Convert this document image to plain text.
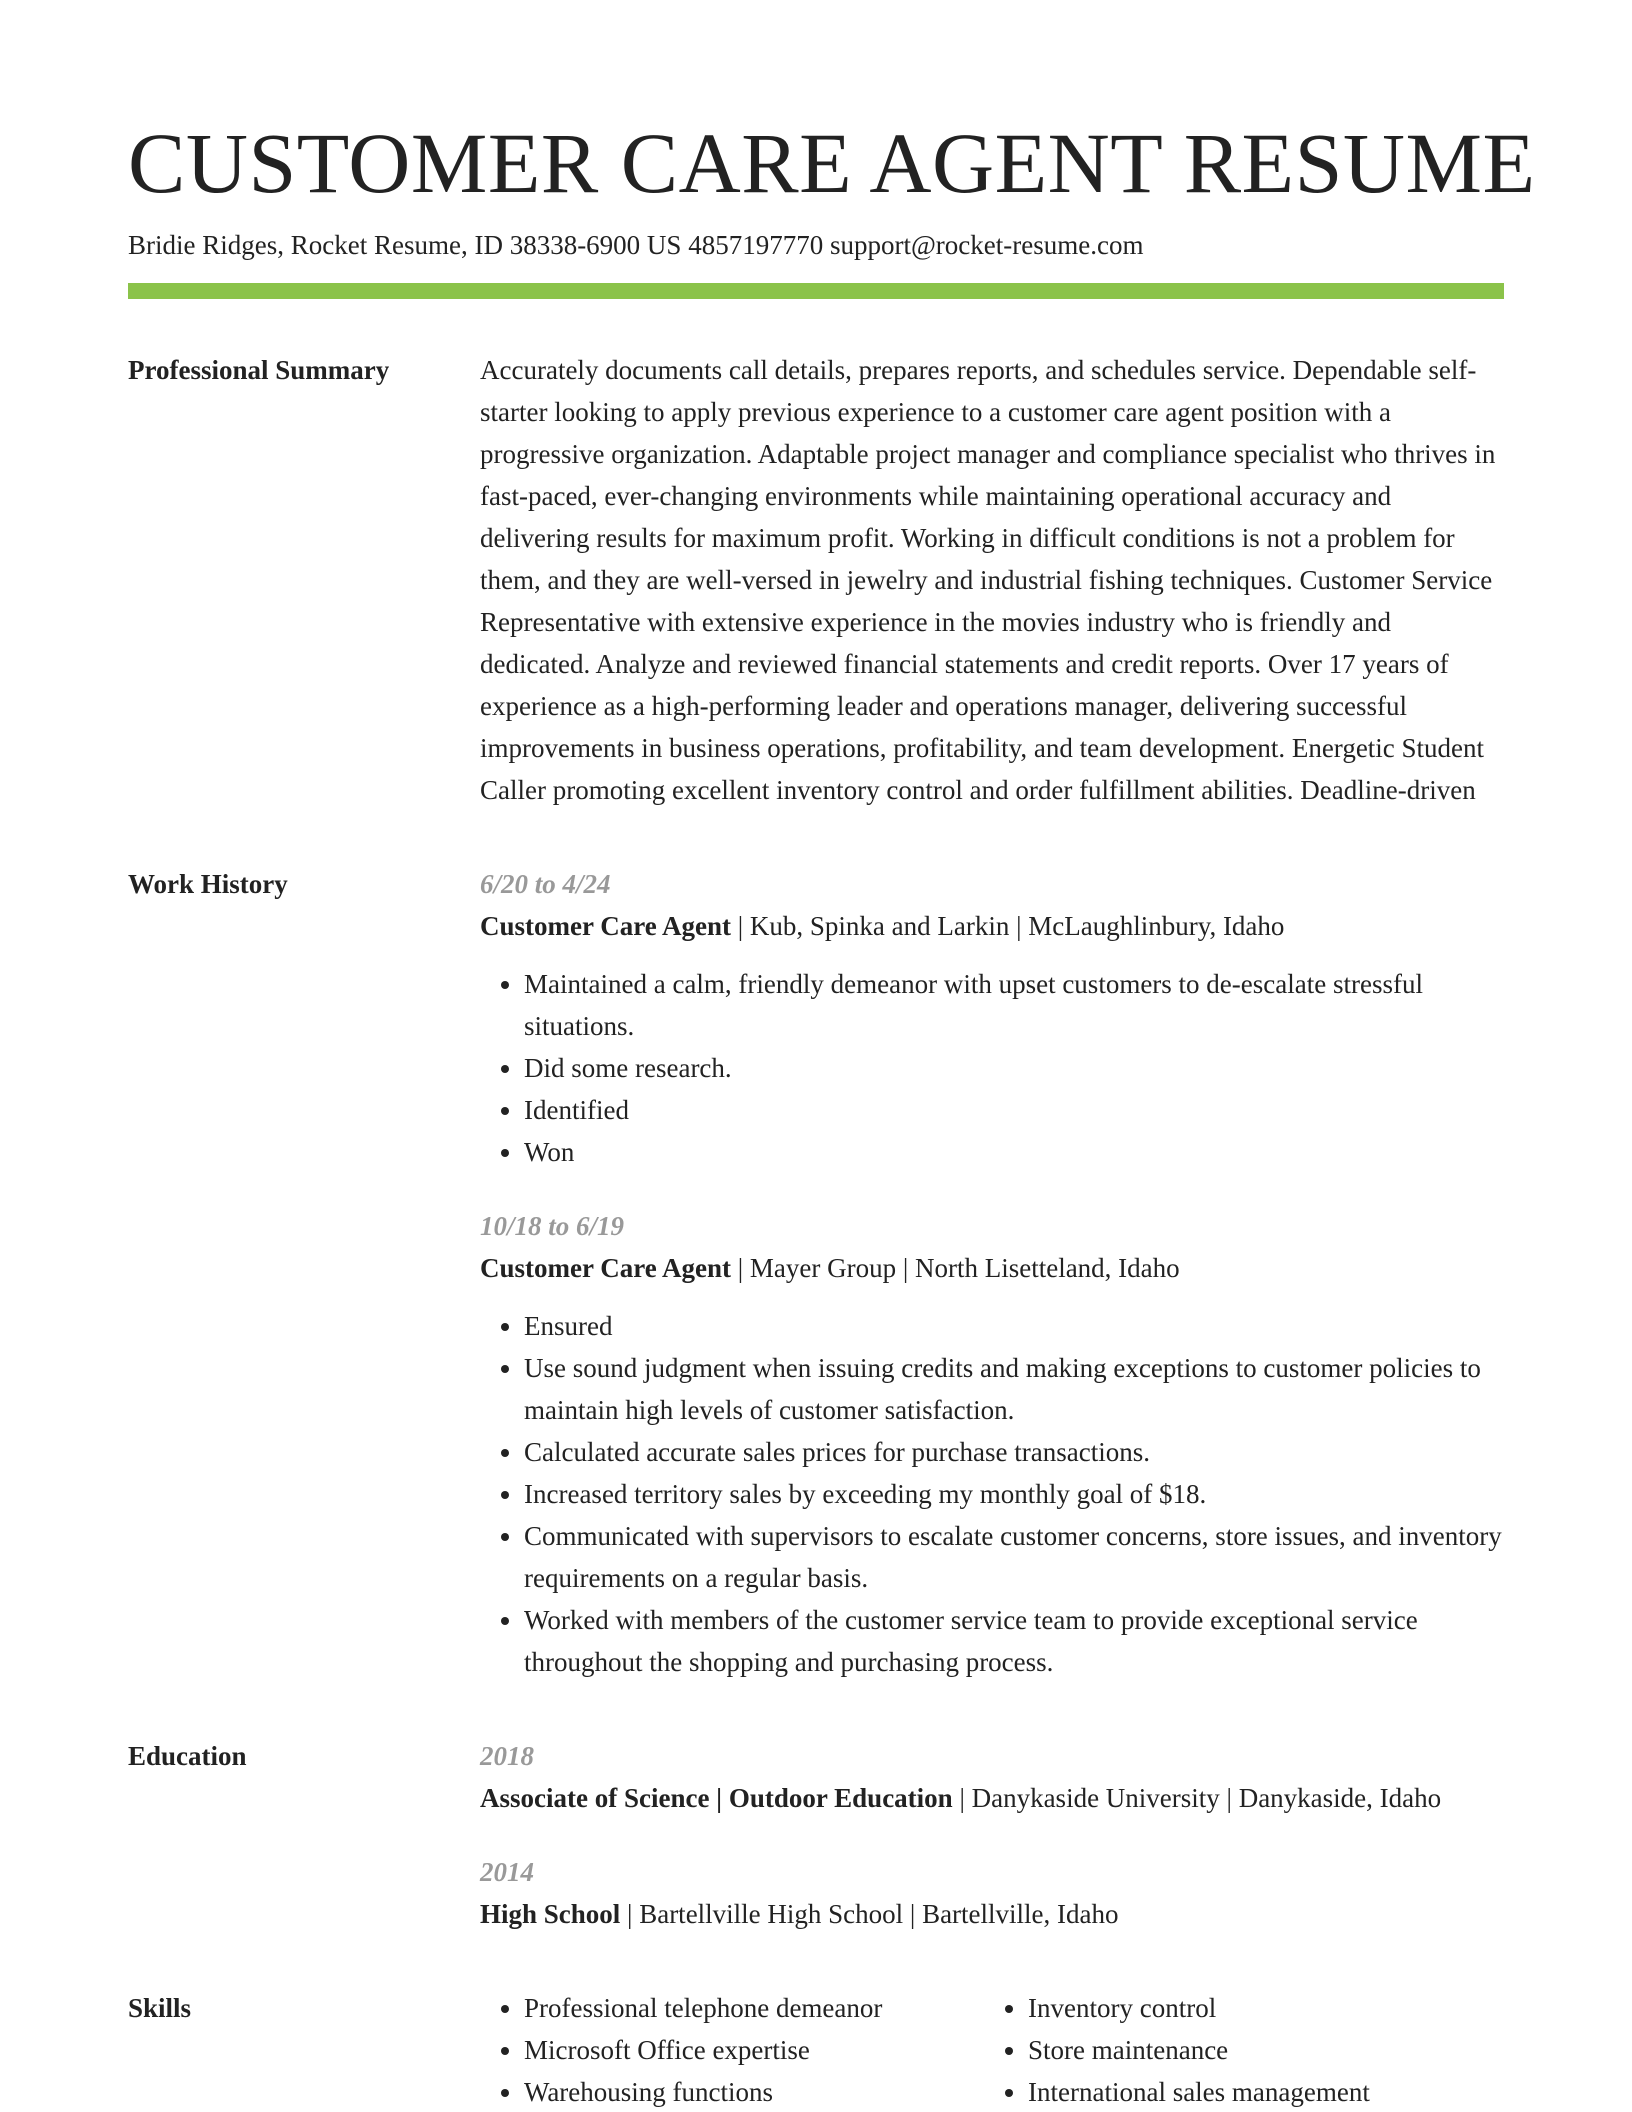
CUSTOMER CARE AGENT RESUME
Bridie Ridges, Rocket Resume, ID 38338-6900 US 4857197770 support@rocket-resume.com
Professional Summary	Accurately documents call details, prepares reports, and schedules service. Dependable self-starter looking to apply previous experience to a customer care agent position with a progressive organization. Adaptable project manager and compliance specialist who thrives in fast-paced, ever-changing environments while maintaining operational accuracy and delivering results for maximum profit. Working in difficult conditions is not a problem for them, and they are well-versed in jewelry and industrial fishing techniques. Customer Service Representative with extensive experience in the movies industry who is friendly and dedicated. Analyze and reviewed financial statements and credit reports. Over 17 years of experience as a high-performing leader and operations manager, delivering successful improvements in business operations, profitability, and team development. Energetic Student Caller promoting excellent inventory control and order fulfillment abilities. Deadline-driven

Work History	6/20 to 4/24
Customer Care Agent | Kub, Spinka and Larkin | McLaughlinbury, Idaho
• Maintained a calm, friendly demeanor with upset customers to de-escalate stressful situations.
• Did some research.
• Identified
• Won
10/18 to 6/19
Customer Care Agent | Mayer Group | North Lisetteland, Idaho
• Ensured
• Use sound judgment when issuing credits and making exceptions to customer policies to maintain high levels of customer satisfaction.
• Calculated accurate sales prices for purchase transactions.
• Increased territory sales by exceeding my monthly goal of $18.
• Communicated with supervisors to escalate customer concerns, store issues, and inventory requirements on a regular basis.
• Worked with members of the customer service team to provide exceptional service throughout the shopping and purchasing process.
Education	2018
Associate of Science | Outdoor Education | Danykaside University | Danykaside, Idaho
2014
High School | Bartellville High School | Bartellville, Idaho
Skills
•	Professional telephone demeanor
• Microsoft Office expertise
• Warehousing functions
• Inventory control
• Store maintenance
• International sales management
